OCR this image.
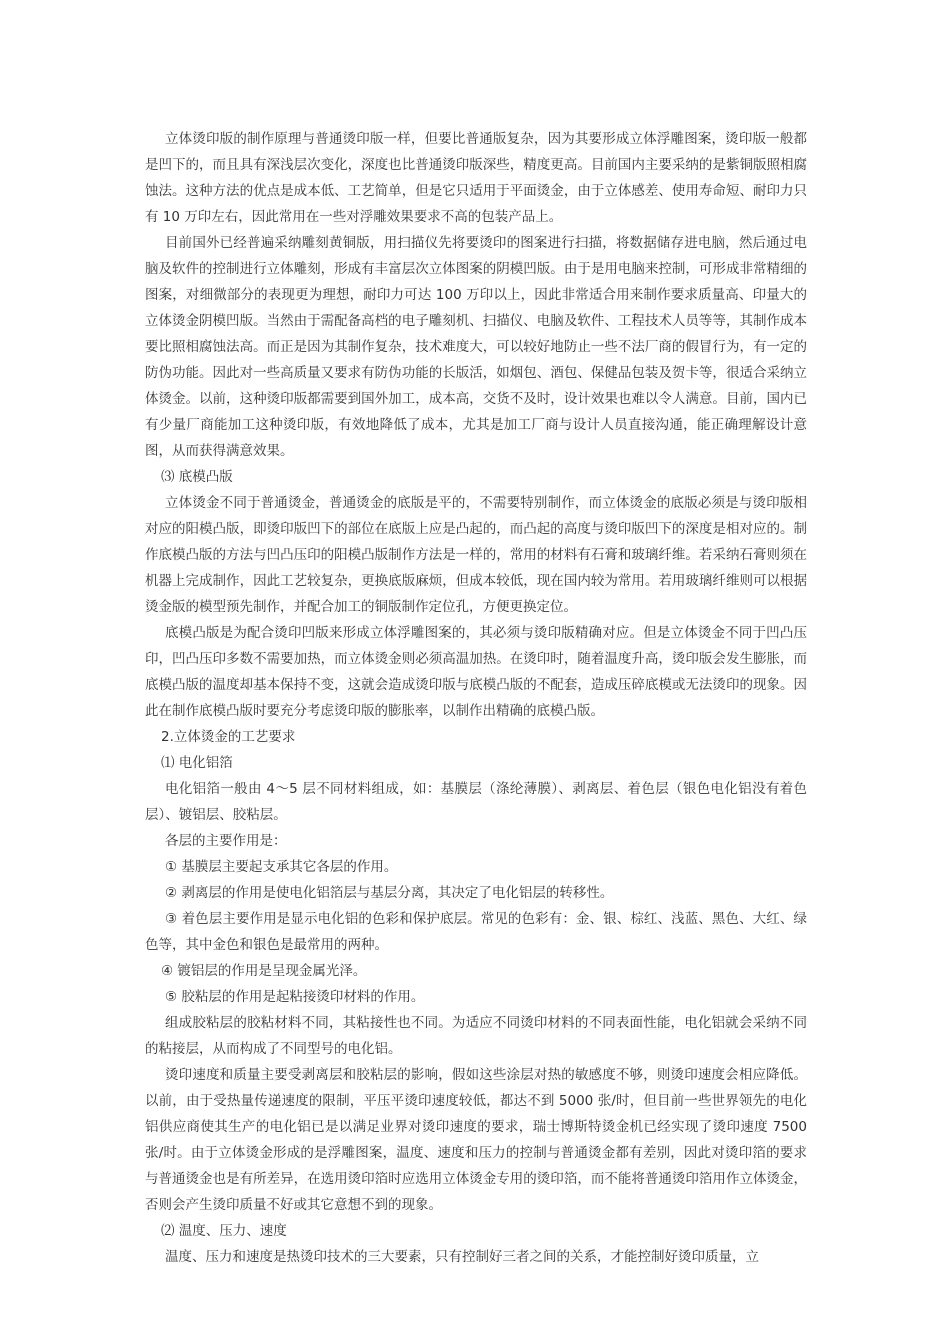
立体烫印版的制作原理与普通烫印版一样，但要比普通版复杂，因为其要形成立体浮雕图案，烫印版一般都是凹下的，而且具有深浅层次变化，深度也比普通烫印版深些，精度更高。目前国内主要采纳的是紫铜版照相腐蚀法。这种方法的优点是成本低、工艺简单，但是它只适用于平面烫金，由于立体感差、使用寿命短、耐印力只有 10 万印左右，因此常用在一些对浮雕效果要求不高的包装产品上。

目前国外已经普遍采纳雕刻黄铜版，用扫描仪先将要烫印的图案进行扫描，将数据储存进电脑，然后通过电脑及软件的控制进行立体雕刻，形成有丰富层次立体图案的阴模凹版。由于是用电脑来控制，可形成非常精细的图案，对细微部分的表现更为理想，耐印力可达 100 万印以上，因此非常适合用来制作要求质量高、印量大的立体烫金阴模凹版。当然由于需配备高档的电子雕刻机、扫描仪、电脑及软件、工程技术人员等等，其制作成本要比照相腐蚀法高。而正是因为其制作复杂，技术难度大，可以较好地防止一些不法厂商的假冒行为，有一定的防伪功能。因此对一些高质量又要求有防伪功能的长版活，如烟包、酒包、保健品包装及贺卡等，很适合采纳立体烫金。以前，这种烫印版都需要到国外加工，成本高，交货不及时，设计效果也难以令人满意。目前，国内已有少量厂商能加工这种烫印版，有效地降低了成本，尤其是加工厂商与设计人员直接沟通，能正确理解设计意图，从而获得满意效果。

⑶ 底模凸版

立体烫金不同于普通烫金，普通烫金的底版是平的，不需要特别制作，而立体烫金的底版必须是与烫印版相对应的阳模凸版，即烫印版凹下的部位在底版上应是凸起的，而凸起的高度与烫印版凹下的深度是相对应的。制作底模凸版的方法与凹凸压印的阳模凸版制作方法是一样的，常用的材料有石膏和玻璃纤维。若采纳石膏则须在机器上完成制作，因此工艺较复杂，更换底版麻烦，但成本较低，现在国内较为常用。若用玻璃纤维则可以根据烫金版的模型预先制作，并配合加工的铜版制作定位孔，方便更换定位。

底模凸版是为配合烫印凹版来形成立体浮雕图案的，其必须与烫印版精确对应。但是立体烫金不同于凹凸压印，凹凸压印多数不需要加热，而立体烫金则必须高温加热。在烫印时，随着温度升高，烫印版会发生膨胀，而底模凸版的温度却基本保持不变，这就会造成烫印版与底模凸版的不配套，造成压碎底模或无法烫印的现象。因此在制作底模凸版时要充分考虑烫印版的膨胀率，以制作出精确的底模凸版。

2.立体烫金的工艺要求

⑴ 电化铝箔

电化铝箔一般由 4～5 层不同材料组成，如：基膜层（涤纶薄膜）、剥离层、着色层（银色电化铝没有着色层）、镀铝层、胶粘层。

各层的主要作用是：

① 基膜层主要起支承其它各层的作用。

② 剥离层的作用是使电化铝箔层与基层分离，其决定了电化铝层的转移性。

③ 着色层主要作用是显示电化铝的色彩和保护底层。常见的色彩有：金、银、棕红、浅蓝、黑色、大红、绿色等，其中金色和银色是最常用的两种。

④ 镀铝层的作用是呈现金属光泽。

⑤ 胶粘层的作用是起粘接烫印材料的作用。

组成胶粘层的胶粘材料不同，其粘接性也不同。为适应不同烫印材料的不同表面性能，电化铝就会采纳不同的粘接层，从而构成了不同型号的电化铝。

烫印速度和质量主要受剥离层和胶粘层的影响，假如这些涂层对热的敏感度不够，则烫印速度会相应降低。以前，由于受热量传递速度的限制，平压平烫印速度较低，都达不到 5000 张/时，但目前一些世界领先的电化铝供应商使其生产的电化铝已是以满足业界对烫印速度的要求，瑞士博斯特烫金机已经实现了烫印速度 7500 张/时。由于立体烫金形成的是浮雕图案，温度、速度和压力的控制与普通烫金都有差别，因此对烫印箔的要求与普通烫金也是有所差异，在选用烫印箔时应选用立体烫金专用的烫印箔，而不能将普通烫印箔用作立体烫金，否则会产生烫印质量不好或其它意想不到的现象。

⑵ 温度、压力、速度

温度、压力和速度是热烫印技术的三大要素，只有控制好三者之间的关系，才能控制好烫印质量，立
